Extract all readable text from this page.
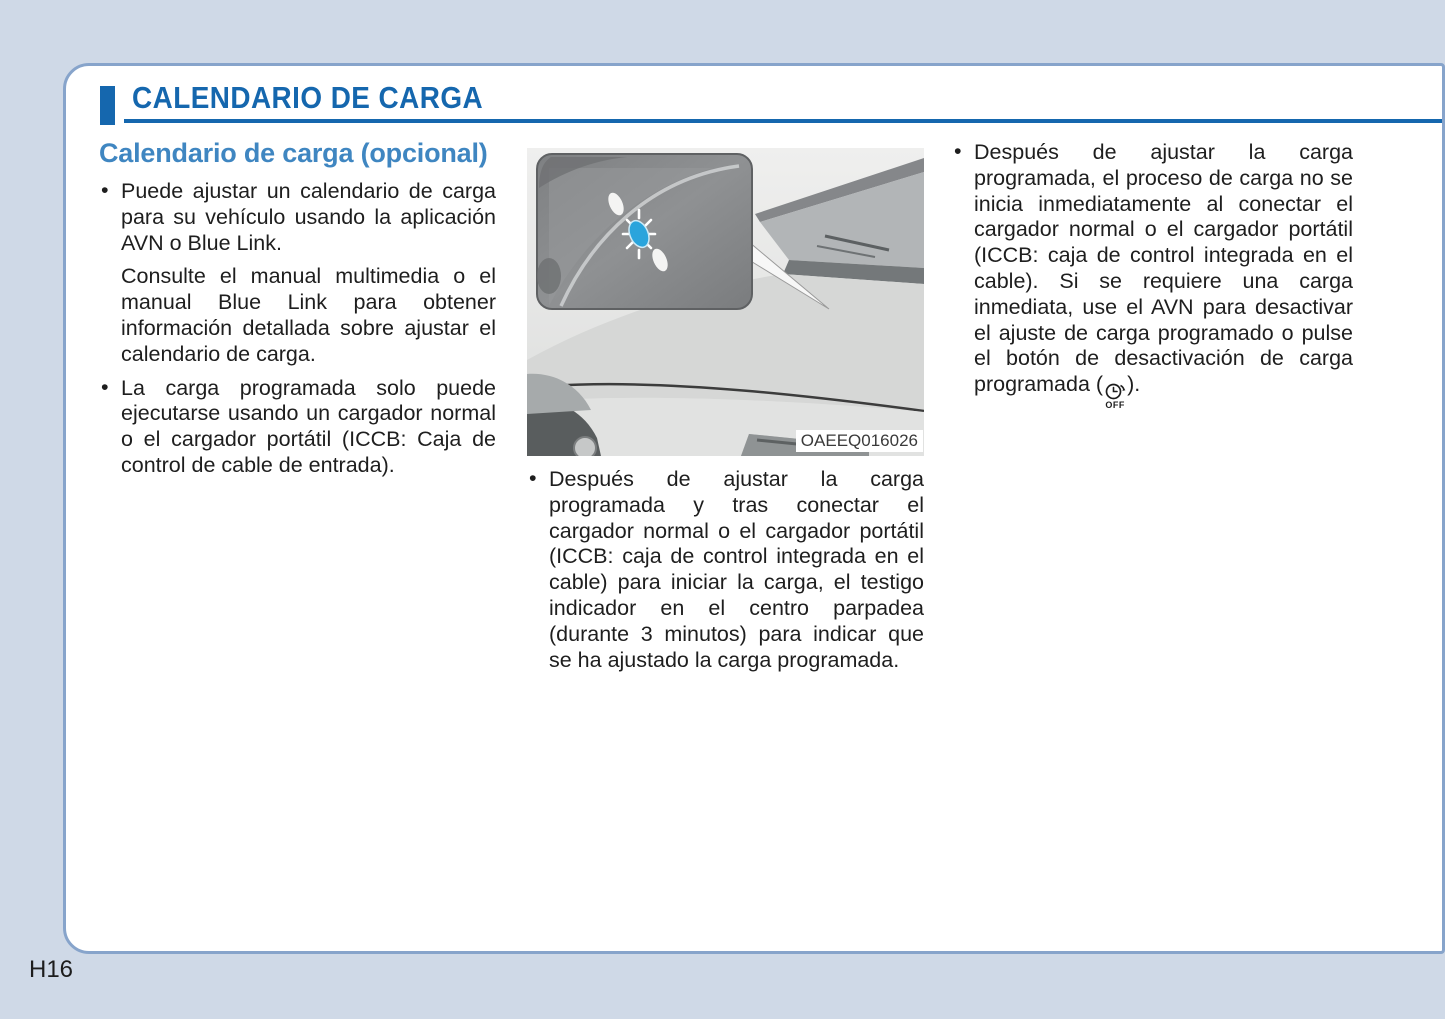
CALENDARIO DE CARGA
Calendario de carga (opcional)
• Puede ajustar un calendario de carga para su vehículo usando la aplicación AVN o Blue Link.
Consulte el manual multimedia o el manual Blue Link para obtener información detallada sobre ajustar el calendario de carga.
• La carga programada solo puede ejecutarse usando un cargador normal o el cargador portátil (ICCB: Caja de control de cable de entrada).
OAEEQ016026
• Después de ajustar la carga programada y tras conectar el cargador normal o el cargador portátil (ICCB: caja de control integrada en el cable) para iniciar la carga, el testigo indicador en el centro parpadea (durante 3 minutos) para indicar que se ha ajustado la carga programada.
• Después de ajustar la carga programada, el proceso de carga no se inicia inmediatamente al conectar el cargador normal o el cargador portátil (ICCB: caja de control integrada en el cable). Si se requiere una carga inmediata, use el AVN para desactivar el ajuste de carga programado o pulse el botón de desactivación de carga programada (
OFF
).
H16
